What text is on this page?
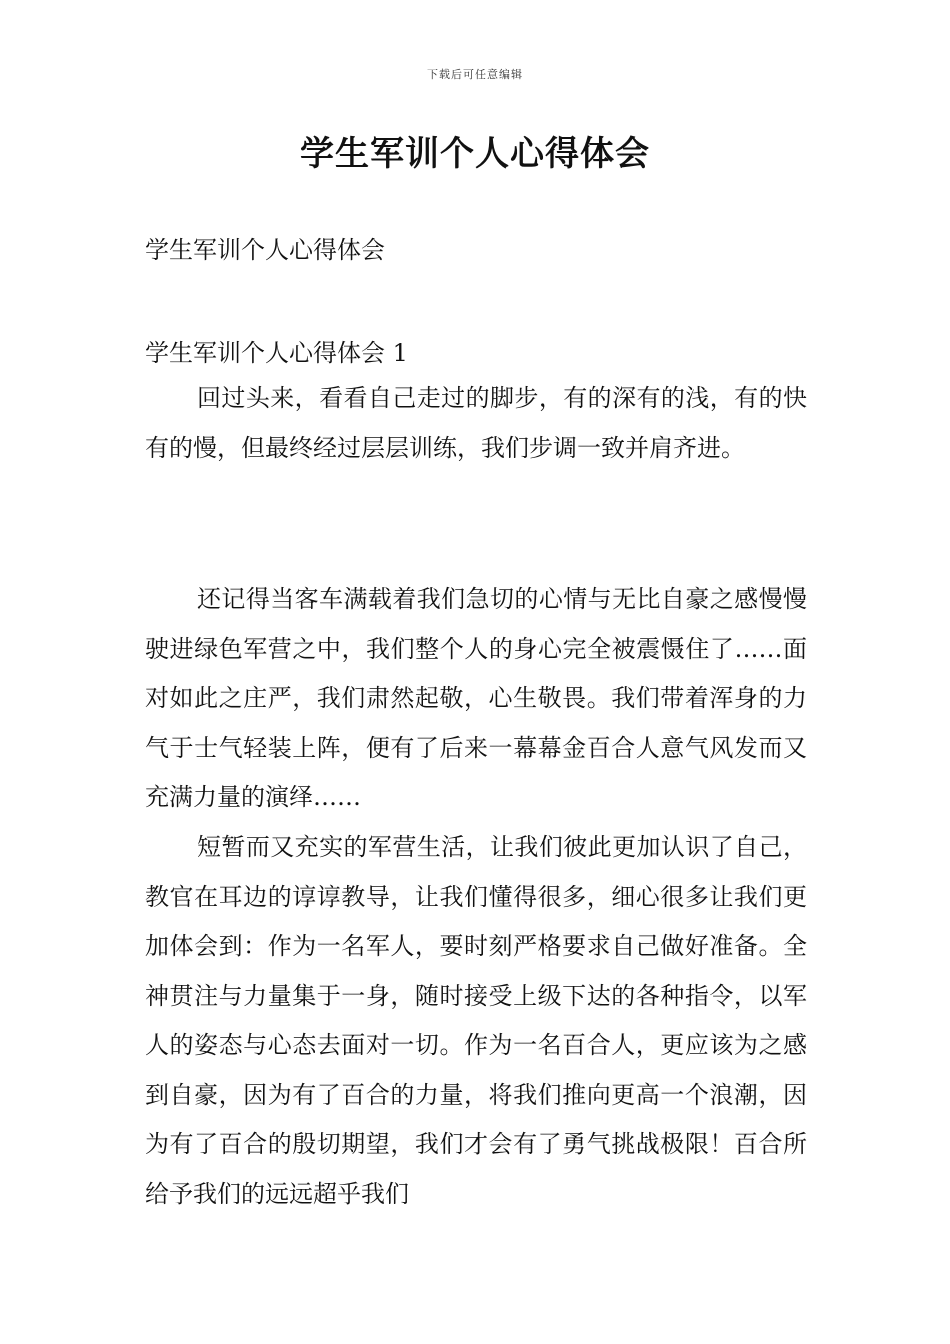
下载后可任意编辑
学生军训个人心得体会

学生军训个人心得体会

学生军训个人心得体会 1

回过头来，看看自己走过的脚步，有的深有的浅，有的快有的慢，但最终经过层层训练，我们步调一致并肩齐进。

还记得当客车满载着我们急切的心情与无比自豪之感慢慢驶进绿色军营之中，我们整个人的身心完全被震慑住了……面对如此之庄严，我们肃然起敬，心生敬畏。我们带着浑身的力气于士气轻装上阵，便有了后来一幕幕金百合人意气风发而又充满力量的演绎……

短暂而又充实的军营生活，让我们彼此更加认识了自己，教官在耳边的谆谆教导，让我们懂得很多，细心很多让我们更加体会到：作为一名军人，要时刻严格要求自己做好准备。全神贯注与力量集于一身，随时接受上级下达的各种指令，以军人的姿态与心态去面对一切。作为一名百合人，更应该为之感到自豪，因为有了百合的力量，将我们推向更高一个浪潮，因为有了百合的殷切期望，我们才会有了勇气挑战极限！百合所给予我们的远远超乎我们
